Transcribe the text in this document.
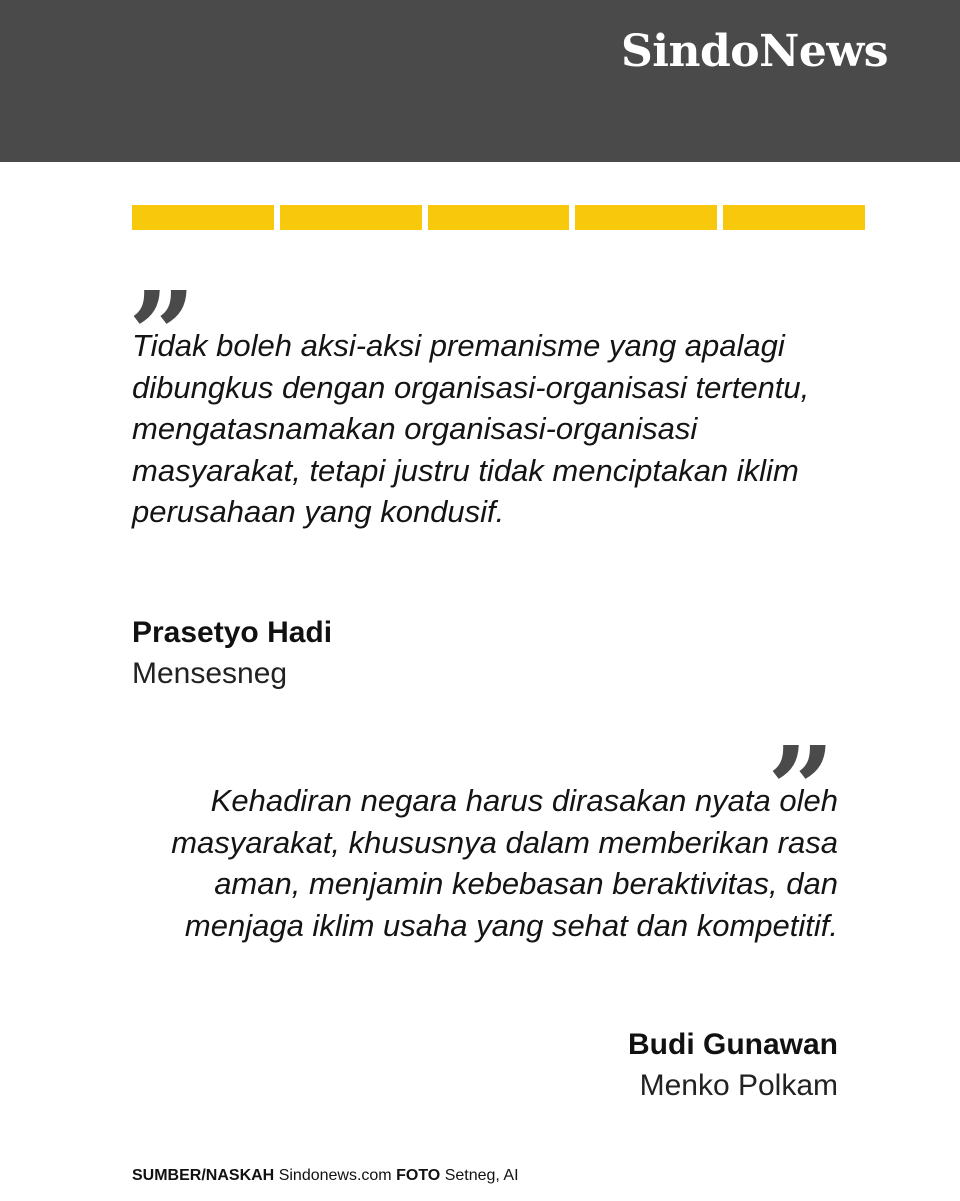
SindoNews
”

Tidak boleh aksi-aksi premanisme yang apalagi dibungkus dengan organisasi-organisasi tertentu, mengatasnamakan organisasi-organisasi masyarakat, tetapi justru tidak menciptakan iklim perusahaan yang kondusif.

Prasetyo Hadi
Mensesneg
”

Kehadiran negara harus dirasakan nyata oleh masyarakat, khususnya dalam memberikan rasa aman, menjamin kebebasan beraktivitas, dan menjaga iklim usaha yang sehat dan kompetitif.

Budi Gunawan
Menko Polkam
SUMBER/NASKAH Sindonews.com FOTO Setneg, AI
